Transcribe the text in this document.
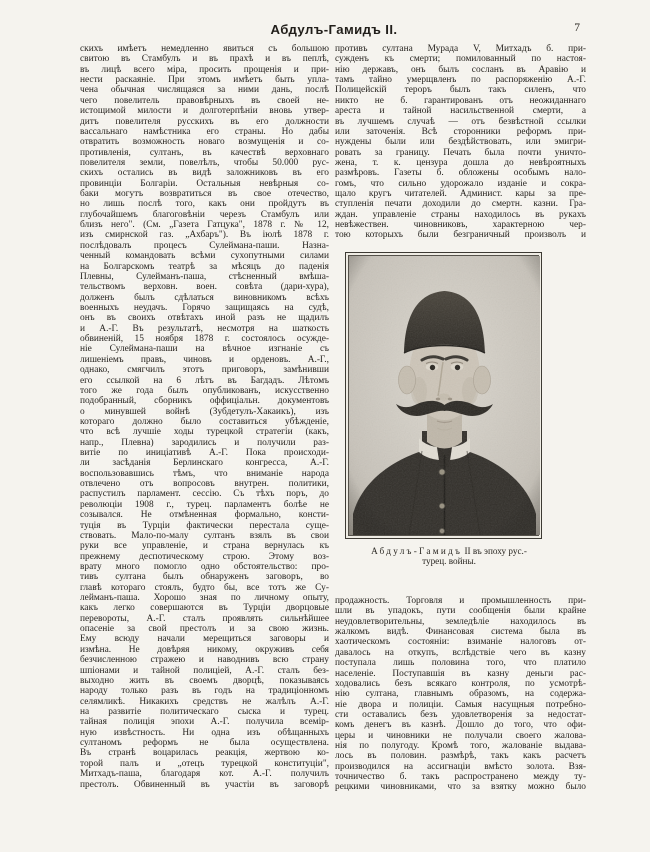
Абдулъ-Гамидъ II.	7
скихъ имѣетъ немедленно явиться съ большою
свитою въ Стамбулъ и въ прахѣ и въ пеплѣ,
въ лицѣ всего міра, просить прощенія и при-
нести раскаяніе. При этомъ имѣетъ быть упла-
чена обычная числящаяся за ними дань, послѣ
чего повелитель правовѣрныхъ въ своей не-
истощимой милости и долготерпѣніи вновь утвер-
дитъ повелителя русскихъ въ его должности
вассальнаго намѣстника его страны. Но дабы
отвратить возможность новаго возмущенія и со-
противленія, султанъ, въ качествѣ верховнаго
повелителя земли, повелѣлъ, чтобы 50.000 рус-
скихъ остались въ видѣ заложниковъ въ его
провинціи Болгаріи. Остальныя невѣрныя со-
баки могутъ возвратиться въ свое отечество,
но лишь послѣ того, какъ они пройдутъ въ
глубочайшемъ благоговѣніи черезъ Стамбулъ или
близъ него". (См. „Газета Гатцука", 1878 г. № 12,
изъ смирнской газ. „Ахбаръ"). Въ іюлѣ 1878 г.
послѣдовалъ процесъ Сулеймана-паши. Назна-
ченный командовать всѣми сухопутными силами
на Болгарскомъ театрѣ за мѣсяцъ до паденія
Плевны, Сулейманъ-паша, стѣсненный вмѣша-
тельствомъ верховн. воен. совѣта (дари-хура),
долженъ былъ сдѣлаться виновникомъ всѣхъ
военныхъ неудачъ. Горячо защищаясь на судѣ,
онъ въ своихъ отвѣтахъ иной разъ не щадилъ
и А.-Г. Въ результатѣ, несмотря на шаткость
обвиненій, 15 ноября 1878 г. состоялось осужде-
ніе Сулеймана-паши на вѣчное изгнаніе съ
лишеніемъ правъ, чиновъ и орденовъ. А.-Г.,
однако, смягчилъ этотъ приговоръ, замѣнивши
его ссылкой на 6 лѣтъ въ Багдадъ. Лѣтомъ
того же года былъ опубликованъ, искусственно
подобранный, сборникъ оффиціальн. документовъ
о минувшей войнѣ (Зубдетулъ-Хакаикъ), изъ
котораго должно было составиться убѣжденіе,
что всѣ лучшіе ходы турецкой стратегіи (какъ,
напр., Плевна) зародились и получили раз-
витіе по иниціативѣ А.-Г. Пока происходи-
ли засѣданія Берлинскаго конгресса, А.-Г.
воспользовавшись тѣмъ, что вниманіе народа
отвлечено отъ вопросовъ внутрен. политики,
распустилъ парламент. сессію. Съ тѣхъ поръ, до
революціи 1908 г., турец. парламентъ болѣе не
созывался. Не отмѣненная формально, консти-
туція въ Турціи фактически перестала суще-
ствовать. Мало-по-малу султанъ взялъ въ свои
руки все управленіе, и страна вернулась къ
прежнему деспотическому строю. Этому воз-
врату много помогло одно обстоятельство: про-
тивъ султана былъ обнаруженъ заговоръ, во
главѣ котораго стоялъ, будто бы, все тотъ же Су-
лейманъ-паша. Хорошо зная по личному опыту,
какъ легко совершаются въ Турціи дворцовые
перевороты, А.-Г. сталъ проявлять сильнѣйшее
опасеніе за свой престолъ и за свою жизнь.
Ему всюду начали мерещиться заговоры и
измѣна. Не довѣряя никому, окруживъ себя
безчисленною стражею и наводнивъ всю страну
шпіонами и тайной полиціей, А.-Г. сталъ без-
выходно жить въ своемъ дворцѣ, показываясь
народу только разъ въ годъ на традиціонномъ
селямликѣ. Никакихъ средствъ не жалѣлъ А.-Г.
на развитіе политическаго сыска и турец.
тайная полиція эпохи А.-Г. получила всемір-
ную извѣстность. Ни одна изъ обѣщанныхъ
султаномъ реформъ не была осуществлена.
Въ странѣ воцарилась реакція, жертвою ко-
торой палъ и „отецъ турецкой конституціи",
Митхадъ-паша, благодаря кот. А.-Г. получилъ
престолъ. Обвиненный въ участіи въ заговорѣ
противъ султана Мурада V, Митхадъ б. при-
сужденъ къ смерти; помилованный по настоя-
нію державъ, онъ былъ сосланъ въ Аравію и
тамъ тайно умерщвленъ по распоряженію А.-Г.
Полицейскій тероръ былъ такъ силенъ, что
никто не б. гарантированъ отъ неожиданнаго
ареста и тайной насильственной смерти, а
въ лучшемъ случаѣ — отъ безвѣстной ссылки
или заточенія. Всѣ сторонники реформъ при-
нуждены были или бездѣйствовать, или эмигри-
ровать за границу. Печать была почти уничто-
жена, т. к. цензура дошла до невѣроятныхъ
размѣровъ. Газеты б. обложены особымъ нало-
гомъ, что сильно удорожало изданіе и сокра-
щало кругъ читателей. Админист. кары за пре-
ступленія печати доходили до смертн. казни. Гра-
ждан. управленіе страны находилось въ рукахъ
невѣжествен. чиновниковъ, характерною чер-
тою которыхъ были безграничный произволъ и
Абдулъ-Гамидъ II въ эпоху рус.-
турец. войны.
продажность. Торговля и промышленность при-
шли въ упадокъ, пути сообщенія были крайне
неудовлетворительны, земледѣліе находилось въ
жалкомъ видѣ. Финансовая система была въ
хаотическомъ состояніи: взиманіе налоговъ от-
давалось на откупъ, вслѣдствіе чего въ казну
поступала лишь половина того, что платило
населеніе. Поступавшія въ казну деньги рас-
ходовались безъ всякаго контроля, по усмотрѣ-
нію султана, главнымъ образомъ, на содержа-
ніе двора и полиціи. Самыя насущныя потребно-
сти оставались безъ удовлетворенія за недостат-
комъ денегъ въ казнѣ. Дошло до того, что офи-
церы и чиновники не получали своего жалова-
нія по полугоду. Кромѣ того, жалованіе выдава-
лось въ половин. размѣрѣ, такъ какъ расчетъ
производился на ассигнаціи вмѣсто золота. Взя-
точничество б. такъ распространено между ту-
рецкими чиновниками, что за взятку можно было
